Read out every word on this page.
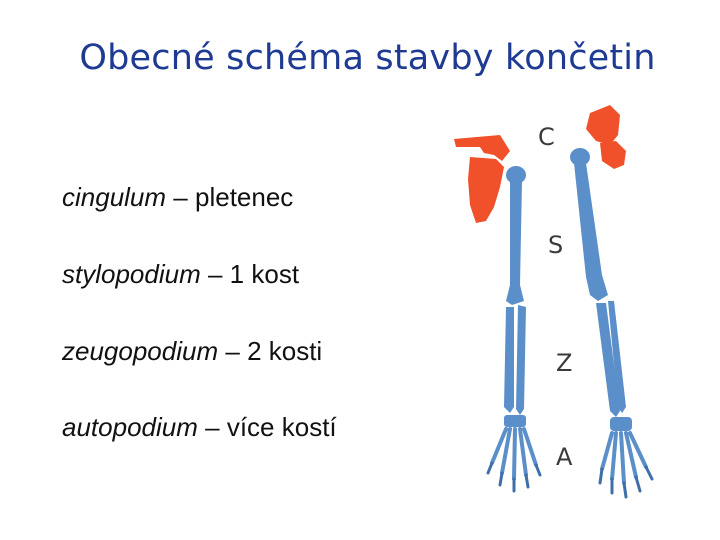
Obecné schéma stavby končetin
cingulum – pletenec
stylopodium – 1 kost
zeugopodium – 2 kosti
autopodium – více kostí
C
S
Z
A
